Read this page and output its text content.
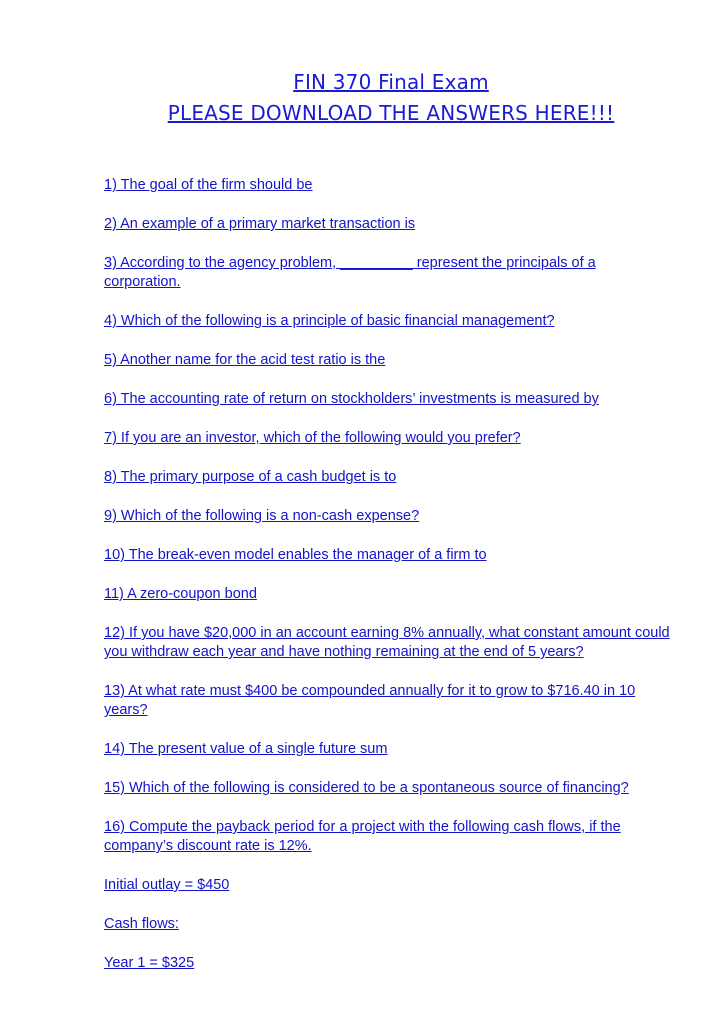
FIN 370 Final Exam
PLEASE DOWNLOAD THE ANSWERS HERE!!!
1) The goal of the firm should be
2) An example of a primary market transaction is
3) According to the agency problem, _________ represent the principals of a corporation.
4) Which of the following is a principle of basic financial management?
5) Another name for the acid test ratio is the
6) The accounting rate of return on stockholders’ investments is measured by
7) If you are an investor, which of the following would you prefer?
8) The primary purpose of a cash budget is to
9) Which of the following is a non-cash expense?
10) The break-even model enables the manager of a firm to
11) A zero-coupon bond
12) If you have $20,000 in an account earning 8% annually, what constant amount could you withdraw each year and have nothing remaining at the end of 5 years?
13) At what rate must $400 be compounded annually for it to grow to $716.40 in 10 years?
14) The present value of a single future sum
15) Which of the following is considered to be a spontaneous source of financing?
16) Compute the payback period for a project with the following cash flows, if the company’s discount rate is 12%.
Initial outlay = $450
Cash flows:
Year 1 = $325
